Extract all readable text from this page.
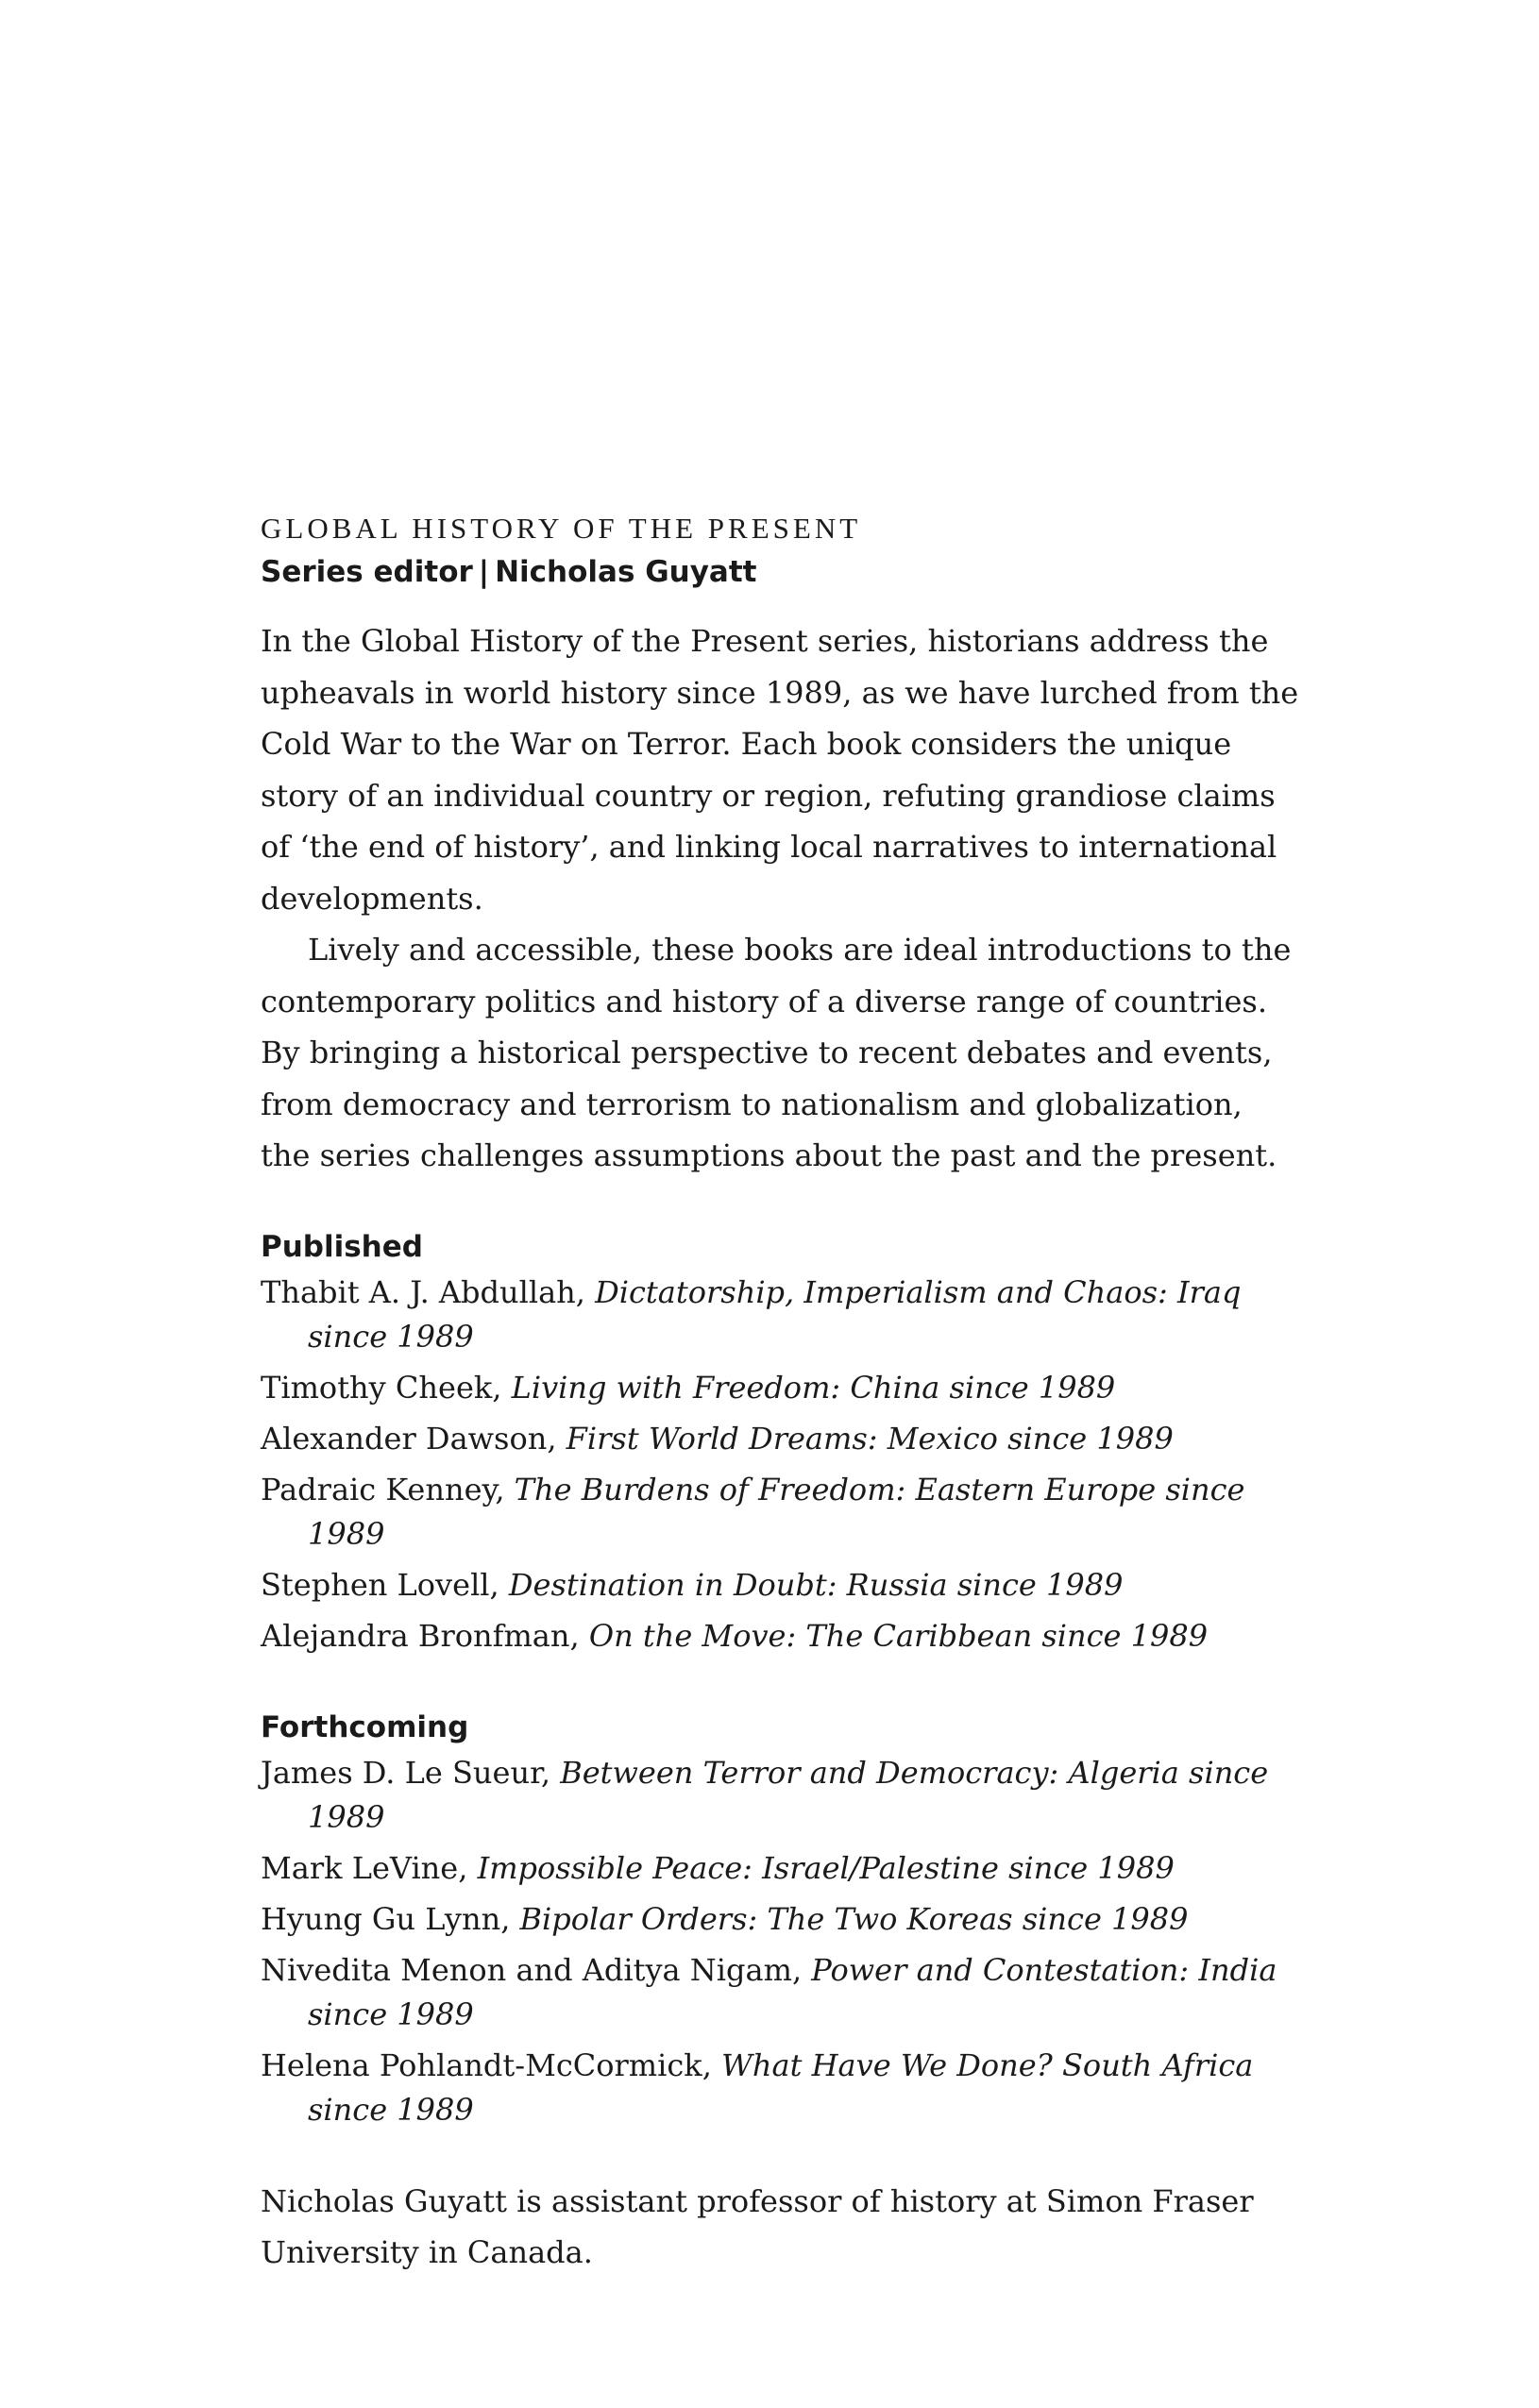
GLOBAL HISTORY OF THE PRESENT

Series editor | Nicholas Guyatt

In the Global History of the Present series, historians address the upheavals in world history since 1989, as we have lurched from the Cold War to the War on Terror. Each book considers the unique story of an individual country or region, refuting grandiose claims of ‘the end of history’, and linking local narratives to international developments.

Lively and accessible, these books are ideal introductions to the contemporary politics and history of a diverse range of countries. By bringing a historical perspective to recent debates and events, from democracy and terrorism to nationalism and globalization, the series challenges assumptions about the past and the present.

Published
Thabit A. J. Abdullah, Dictatorship, Imperialism and Chaos: Iraq since 1989
Timothy Cheek, Living with Freedom: China since 1989
Alexander Dawson, First World Dreams: Mexico since 1989
Padraic Kenney, The Burdens of Freedom: Eastern Europe since 1989
Stephen Lovell, Destination in Doubt: Russia since 1989
Alejandra Bronfman, On the Move: The Caribbean since 1989
Forthcoming
James D. Le Sueur, Between Terror and Democracy: Algeria since 1989
Mark LeVine, Impossible Peace: Israel/Palestine since 1989
Hyung Gu Lynn, Bipolar Orders: The Two Koreas since 1989
Nivedita Menon and Aditya Nigam, Power and Contestation: India since 1989
Helena Pohlandt-McCormick, What Have We Done? South Africa since 1989

Nicholas Guyatt is assistant professor of history at Simon Fraser University in Canada.
